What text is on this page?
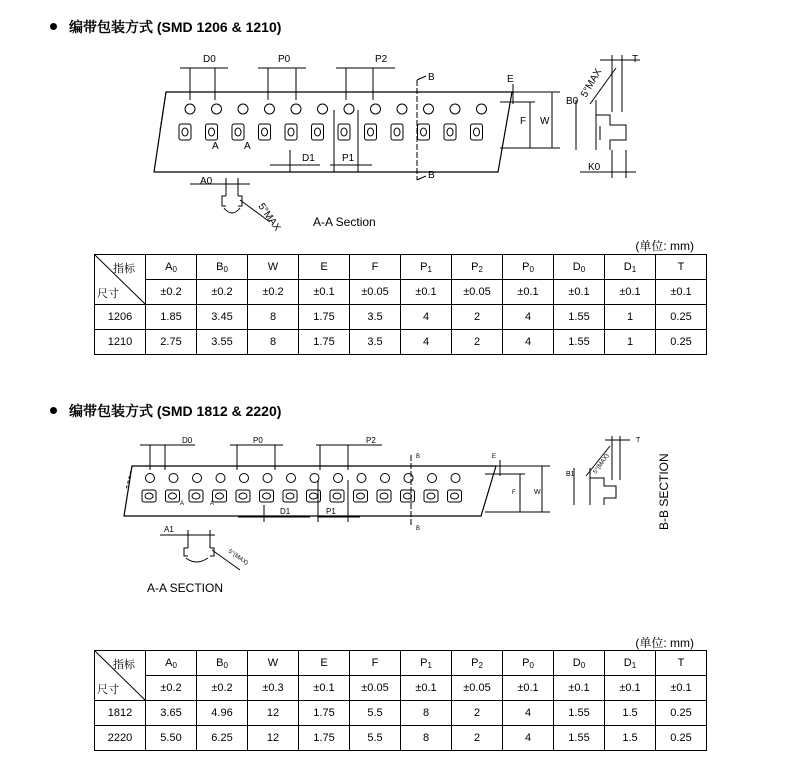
编带包装方式 (SMD 1206 & 1210)
D0	P0	P2
B
B
E
F W
B0
T
K0
5°MAX
D1	P1
A0
A	A
5°MAX	A-A Section
(单位: mm)
指标
尺寸	$A_0$	$B_0$	W	E	F	$P_1$	$P_2$	$P_0$	$D_0$	$D_1$	T
	±0.2	±0.2	±0.2	±0.1	±0.05	±0.1	±0.05	±0.1	±0.1	±0.1	±0.1
1206	1.85	3.45	8	1.75	3.5	4	2	4	1.55	1	0.25
1210	2.75	3.55	8	1.75	3.5	4	2	4	1.55	1	0.25
编带包装方式 (SMD 1812 & 2220)
D0	P0	P2
B
B
E
F	W
B1
T
5°(MAX)
D1	P1
A1
A	A
5°(MAX)
A-A SECTION
B-B SECTION
(单位: mm)
指标
尺寸	$A_0$	$B_0$	W	E	F	$P_1$	$P_2$	$P_0$	$D_0$	$D_1$	T
	±0.2	±0.2	±0.3	±0.1	±0.05	±0.1	±0.05	±0.1	±0.1	±0.1	±0.1
1812	3.65	4.96	12	1.75	5.5	8	2	4	1.55	1.5	0.25
2220	5.50	6.25	12	1.75	5.5	8	2	4	1.55	1.5	0.25
